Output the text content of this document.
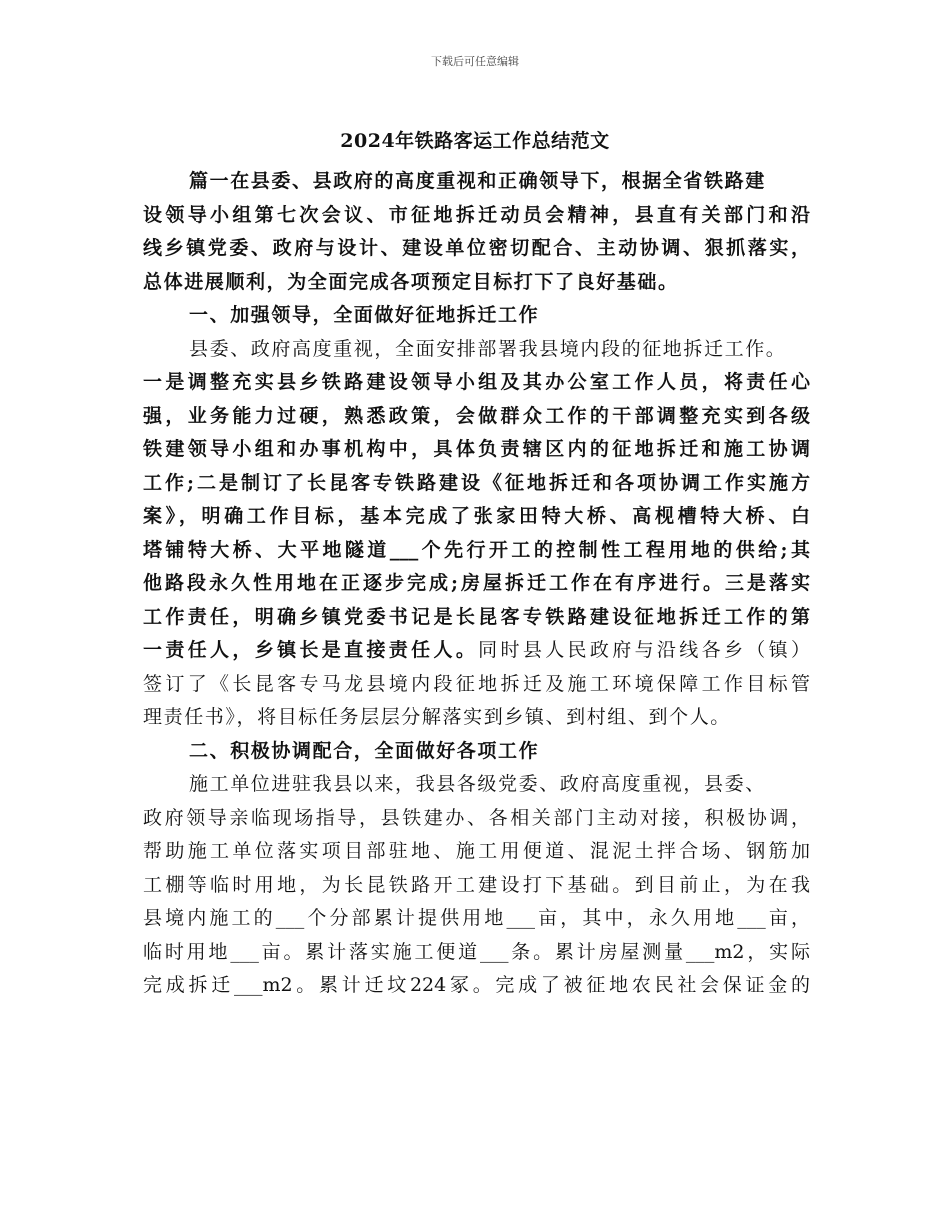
下载后可任意编辑
2024年铁路客运工作总结范文
篇一在县委、县政府的高度重视和正确领导下，根据全省铁路建
设领导小组第七次会议、市征地拆迁动员会精神，县直有关部门和沿
线乡镇党委、政府与设计、建设单位密切配合、主动协调、狠抓落实，
总体进展顺利，为全面完成各项预定目标打下了良好基础。
一、加强领导，全面做好征地拆迁工作
县委、政府高度重视，全面安排部署我县境内段的征地拆迁工作。
一是调整充实县乡铁路建设领导小组及其办公室工作人员，将责任心
强，业务能力过硬，熟悉政策，会做群众工作的干部调整充实到各级
铁建领导小组和办事机构中，具体负责辖区内的征地拆迁和施工协调
工作;二是制订了长昆客专铁路建设《征地拆迁和各项协调工作实施方
案》，明确工作目标，基本完成了张家田特大桥、高枧槽特大桥、白
塔铺特大桥、大平地隧道___个先行开工的控制性工程用地的供给;其
他路段永久性用地在正逐步完成;房屋拆迁工作在有序进行。三是落实
工作责任，明确乡镇党委书记是长昆客专铁路建设征地拆迁工作的第
一责任人，乡镇长是直接责任人。同时县人民政府与沿线各乡（镇）
签订了《长昆客专马龙县境内段征地拆迁及施工环境保障工作目标管
理责任书》，将目标任务层层分解落实到乡镇、到村组、到个人。
二、积极协调配合，全面做好各项工作
施工单位进驻我县以来，我县各级党委、政府高度重视，县委、
政府领导亲临现场指导，县铁建办、各相关部门主动对接，积极协调，
帮助施工单位落实项目部驻地、施工用便道、混泥土拌合场、钢筋加
工棚等临时用地，为长昆铁路开工建设打下基础。到目前止，为在我
县境内施工的___个分部累计提供用地___亩，其中，永久用地___亩，
临时用地___亩。累计落实施工便道___条。累计房屋测量___m2，实际
完成拆迁___m2。累计迁坟224冢。完成了被征地农民社会保证金的
